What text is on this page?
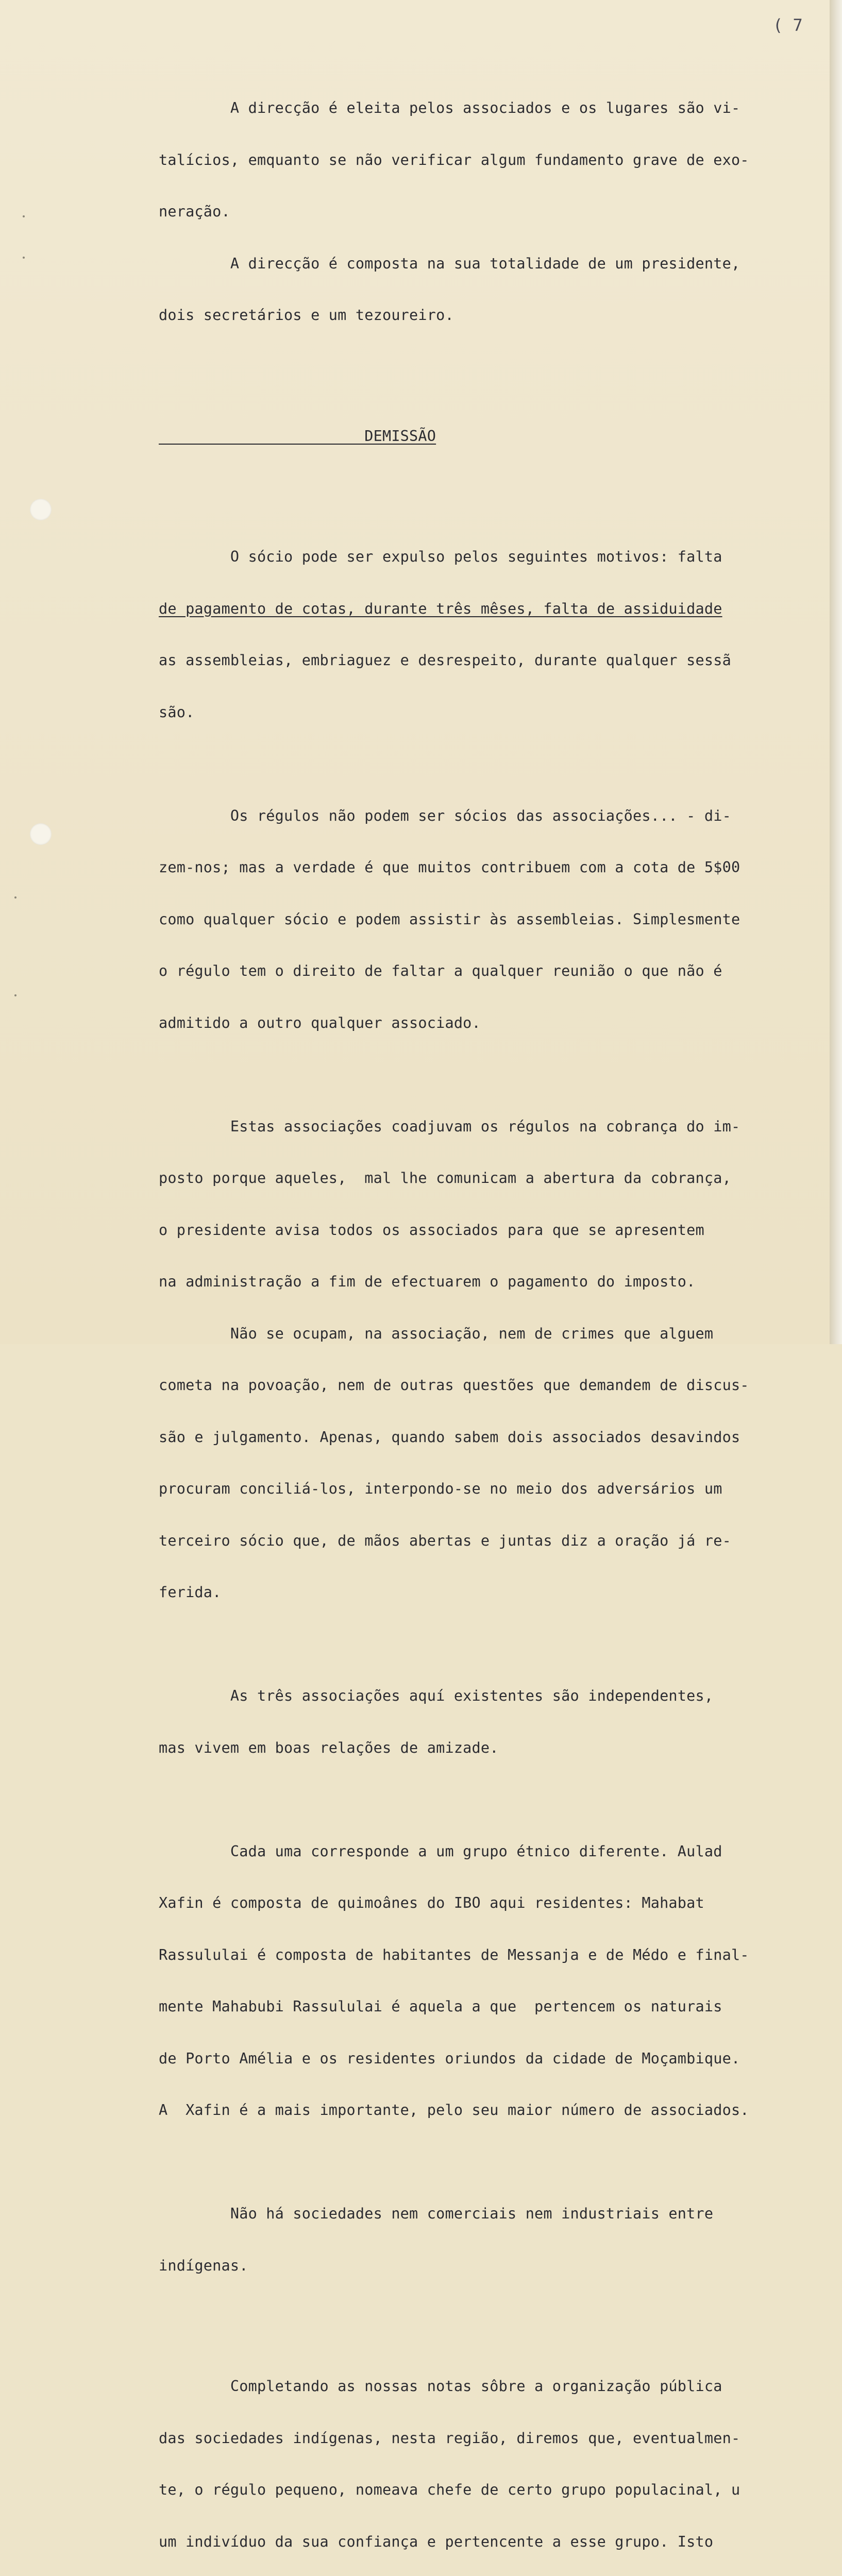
( 7

A direcção é eleita pelos associados e os lugares são vi-

talícios, emquanto se não verificar algum fundamento grave de exo-

neração.

A direcção é composta na sua totalidade de um presidente,

dois secretários e um tezoureiro.

DEMISSÃO

O sócio pode ser expulso pelos seguintes motivos: falta

de pagamento de cotas, durante três mêses, falta de assiduidade

as assembleias, embriaguez e desrespeito, durante qualquer sessã

são.

Os régulos não podem ser sócios das associações... - di-

zem-nos; mas a verdade é que muitos contribuem com a cota de 5$00

como qualquer sócio e podem assistir às assembleias. Simplesmente

o régulo tem o direito de faltar a qualquer reunião o que não é

admitido a outro qualquer associado.

Estas associações coadjuvam os régulos na cobrança do im-

posto porque aqueles,  mal lhe comunicam a abertura da cobrança,

o presidente avisa todos os associados para que se apresentem

na administração a fim de efectuarem o pagamento do imposto.

Não se ocupam, na associação, nem de crimes que alguem

cometa na povoação, nem de outras questões que demandem de discus-

são e julgamento. Apenas, quando sabem dois associados desavindos

procuram conciliá-los, interpondo-se no meio dos adversários um

terceiro sócio que, de mãos abertas e juntas diz a oração já re-

ferida.

As três associações aquí existentes são independentes,

mas vivem em boas relações de amizade.

Cada uma corresponde a um grupo étnico diferente. Aulad

Xafin é composta de quimoânes do IBO aqui residentes: Mahabat

Rassululai é composta de habitantes de Messanja e de Médo e final-

mente Mahabubi Rassululai é aquela a que  pertencem os naturais

de Porto Amélia e os residentes oriundos da cidade de Moçambique.

A  Xafin é a mais importante, pelo seu maior número de associados.

Não há sociedades nem comerciais nem industriais entre

indígenas.

Completando as nossas notas sôbre a organização pública

das sociedades indígenas, nesta região, diremos que, eventualmen-

te, o régulo pequeno, nomeava chefe de certo grupo populacinal, u

um indivíduo da sua confiança e pertencente a esse grupo. Isto
